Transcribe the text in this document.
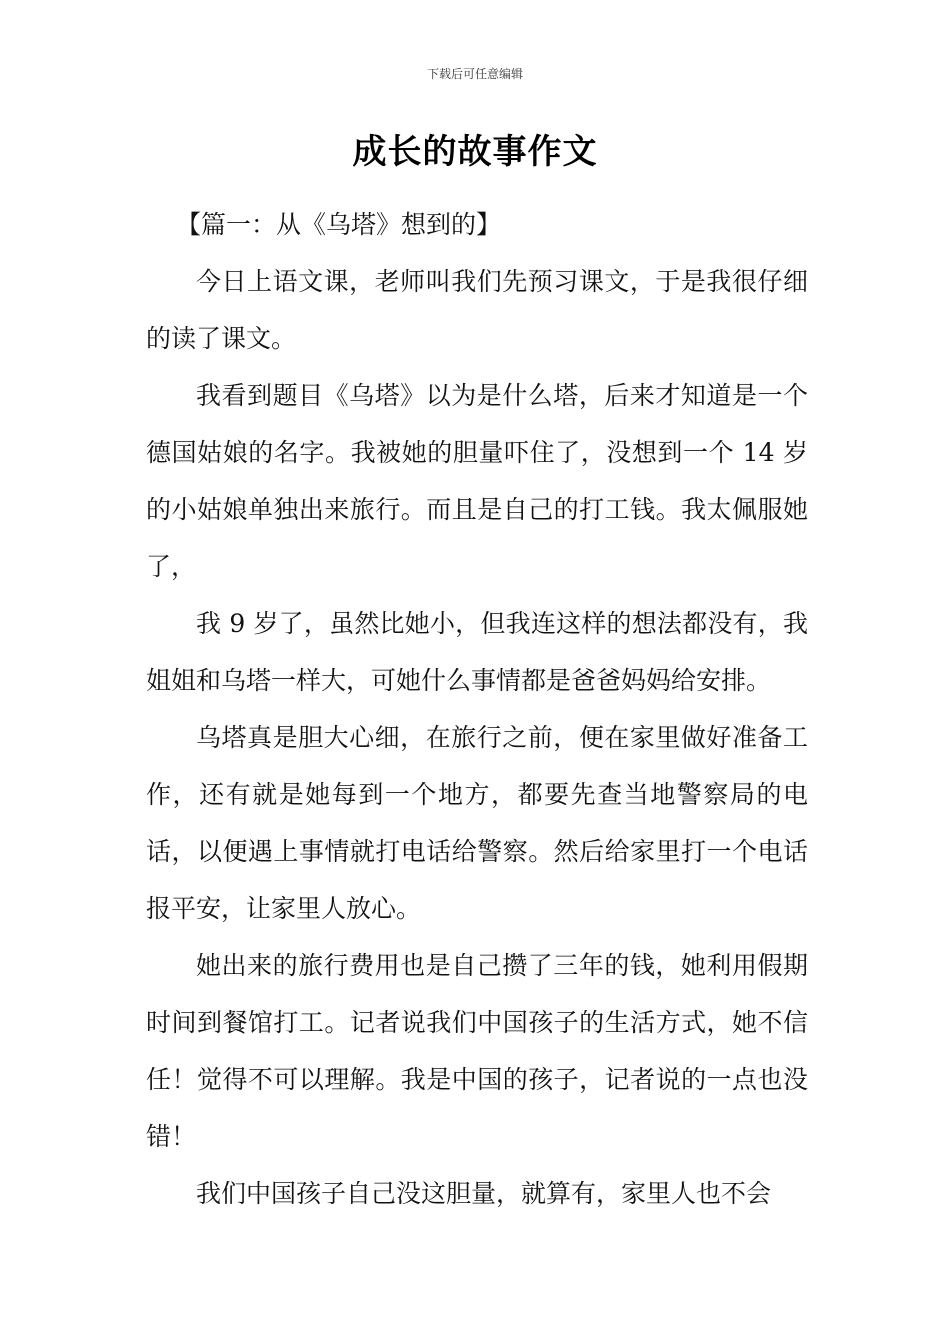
下载后可任意编辑
成长的故事作文
【篇一：从《乌塔》想到的】

今日上语文课，老师叫我们先预习课文，于是我很仔细的读了课文。

我看到题目《乌塔》以为是什么塔，后来才知道是一个德国姑娘的名字。我被她的胆量吓住了，没想到一个 14 岁的小姑娘单独出来旅行。而且是自己的打工钱。我太佩服她了，

我 9 岁了，虽然比她小，但我连这样的想法都没有，我姐姐和乌塔一样大，可她什么事情都是爸爸妈妈给安排。

乌塔真是胆大心细，在旅行之前，便在家里做好准备工作，还有就是她每到一个地方，都要先查当地警察局的电话，以便遇上事情就打电话给警察。然后给家里打一个电话报平安，让家里人放心。

她出来的旅行费用也是自己攒了三年的钱，她利用假期时间到餐馆打工。记者说我们中国孩子的生活方式，她不信任！觉得不可以理解。我是中国的孩子，记者说的一点也没错！

我们中国孩子自己没这胆量，就算有，家里人也不会
